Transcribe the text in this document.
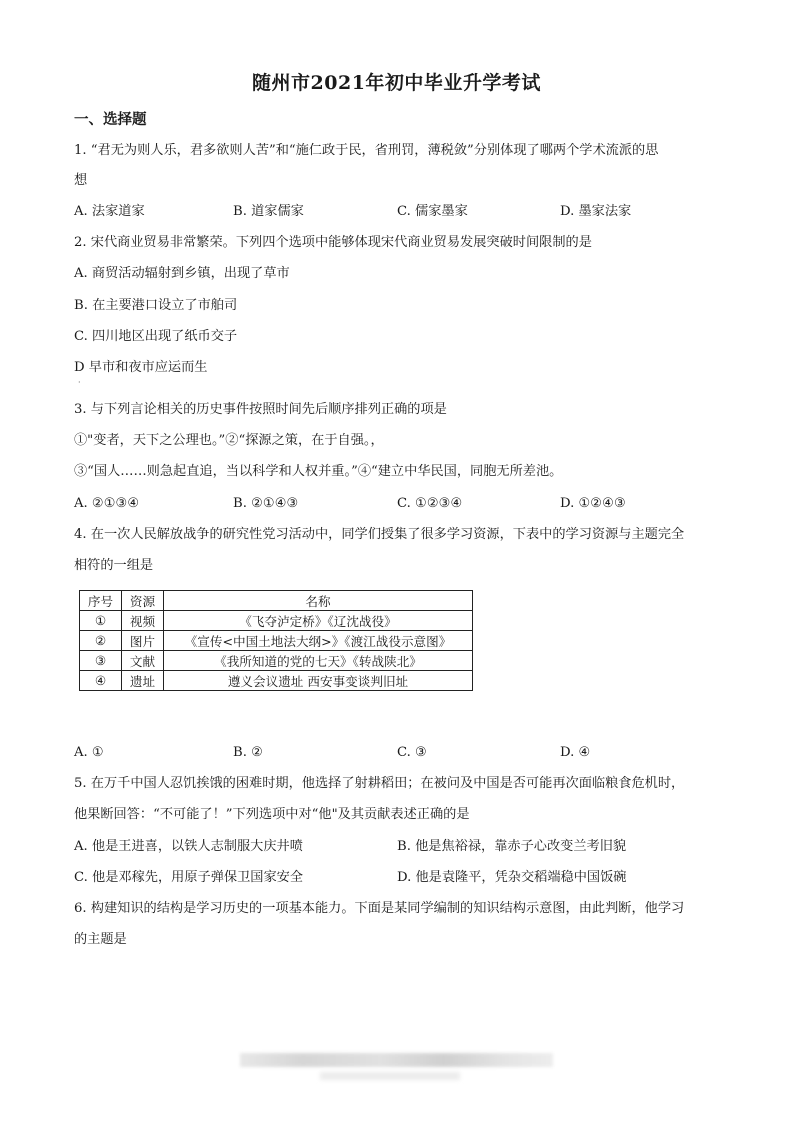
随州市2021年初中毕业升学考试
一、选择题
1. “君无为则人乐，君多欲则人苦”和“施仁政于民，省刑罚，薄税敛”分别体现了哪两个学术流派的思
想
A. 法家道家	B. 道家儒家	C. 儒家墨家	D. 墨家法家
2. 宋代商业贸易非常繁荣。下列四个选项中能够体现宋代商业贸易发展突破时间限制的是
A. 商贸活动辐射到乡镇，出现了草市
B. 在主要港口设立了市舶司
C. 四川地区出现了纸币交子
D 早市和夜市应运而生
·
3. 与下列言论相关的历史事件按照时间先后顺序排列正确的项是
①"变者，天下之公理也。”②“探源之策，在于自强。，
③“国人……则急起直追，当以科学和人权并重。”④“建立中华民国，同胞无所差池。
A. ②①③④	B. ②①④③	C. ①②③④	D. ①②④③
4. 在一次人民解放战争的研究性党习活动中，同学们授集了很多学习资源，下表中的学习资源与主题完全
相符的一组是
序号	资源	名称
①	视频	《飞夺泸定桥》《辽沈战役》
②	图片	《宣传<中国土地法大纲>》《渡江战役示意图》
③	文献	《我所知道的党的七天》《转战陕北》
④	遗址	遵义会议遗址 西安事变谈判旧址
A. ①	B. ②	C. ③	D. ④
5. 在万千中国人忍饥挨饿的困难时期，他选择了射耕稻田；在被问及中国是否可能再次面临粮食危机时，
他果断回答：“不可能了！”下列选项中对“他"及其贡献表述正确的是
A. 他是王进喜，以铁人志制服大庆井喷	B. 他是焦裕禄，靠赤子心改变兰考旧貌
C. 他是邓稼先，用原子弹保卫国家安全	D. 他是袁隆平，凭杂交稻端稳中国饭碗
6. 构建知识的结构是学习历史的一项基本能力。下面是某同学编制的知识结构示意图，由此判断，他学习
的主题是
